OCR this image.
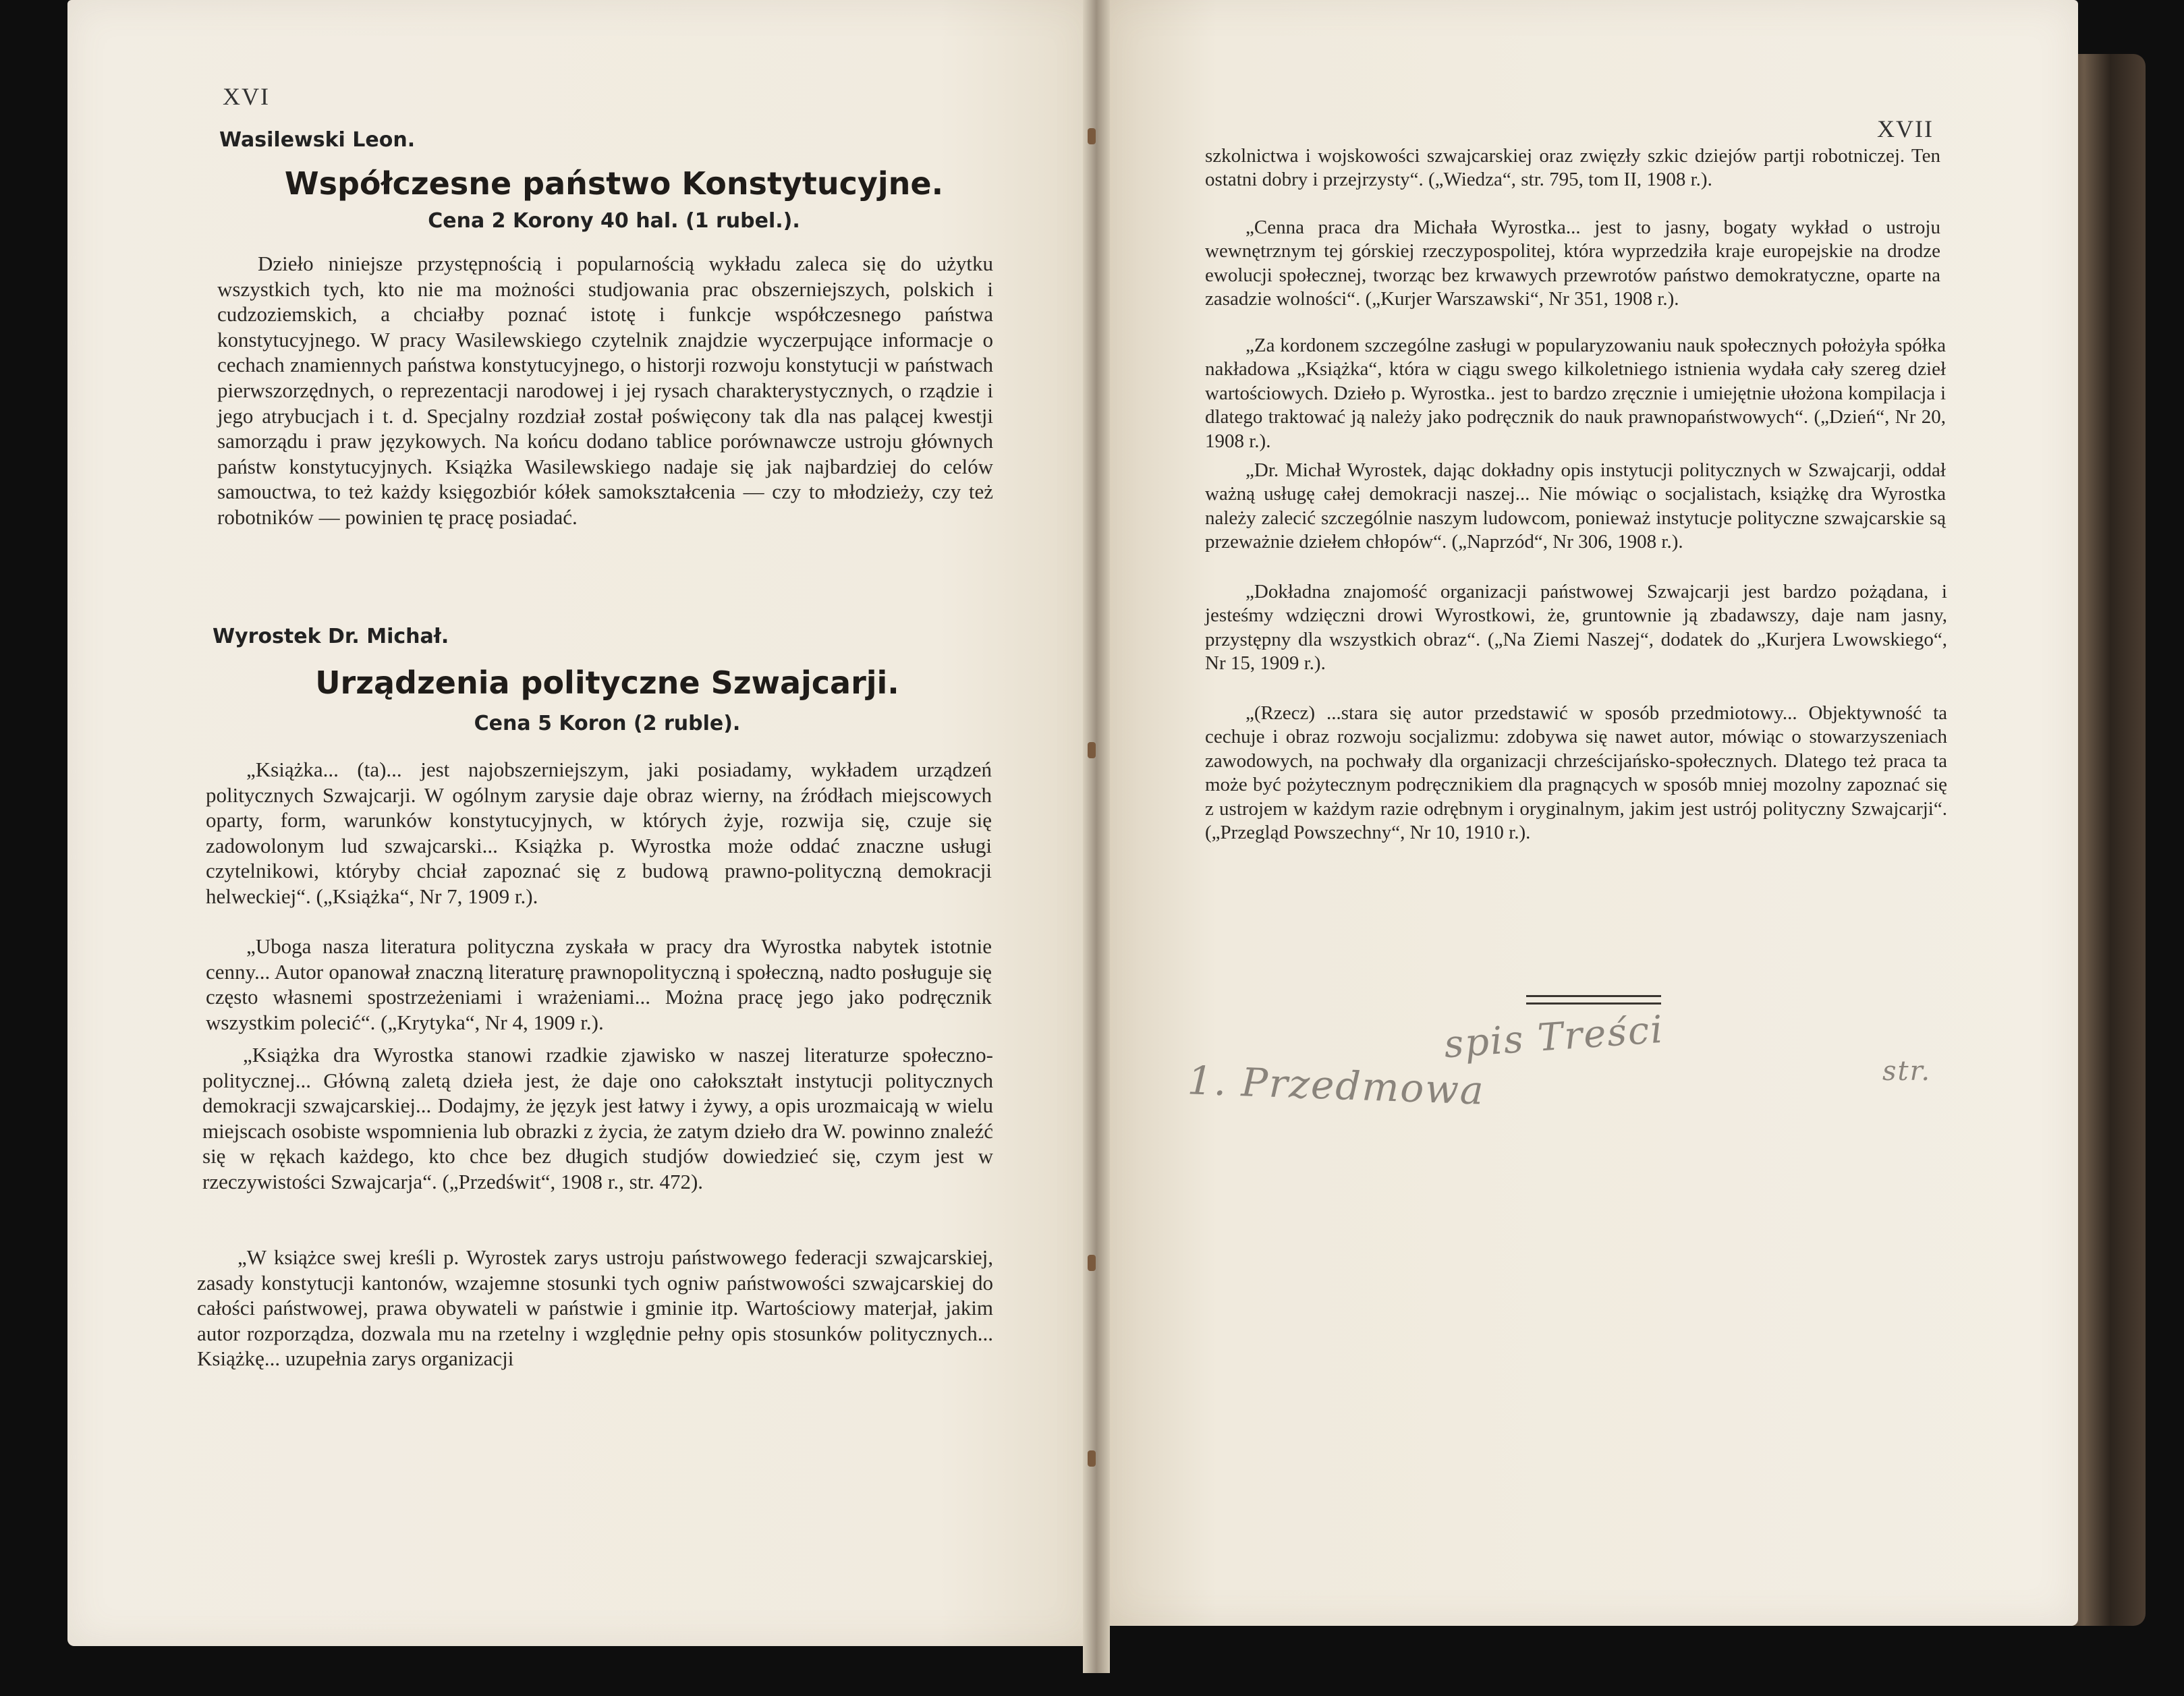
XVI
Wasilewski Leon.
Współczesne państwo Konstytucyjne.
Cena 2 Korony 40 hal. (1 rubel.).
Dzieło niniejsze przystępnością i popularnością wykładu zaleca się do użytku wszystkich tych, kto nie ma możności studjowania prac obszerniejszych, polskich i cudzoziemskich, a chciałby poznać istotę i funkcje współczesnego państwa konstytucyjnego. W pracy Wasilewskiego czytelnik znajdzie wyczerpujące informacje o cechach znamiennych państwa konstytucyjnego, o historji rozwoju konstytucji w państwach pierwszorzędnych, o reprezentacji narodowej i jej rysach charakterystycznych, o rządzie i jego atrybucjach i t. d. Specjalny rozdział został poświęcony tak dla nas palącej kwestji samorządu i praw językowych. Na końcu dodano tablice porównawcze ustroju głównych państw konstytucyjnych. Książka Wasilewskiego nadaje się jak najbardziej do celów samouctwa, to też każdy księgozbiór kółek samokształcenia — czy to młodzieży, czy też robotników — powinien tę pracę posiadać.
Wyrostek Dr. Michał.
Urządzenia polityczne Szwajcarji.
Cena 5 Koron (2 ruble).
„Książka... (ta)... jest najobszerniejszym, jaki posiadamy, wykładem urządzeń politycznych Szwajcarji. W ogólnym zarysie daje obraz wierny, na źródłach miejscowych oparty, form, warunków konstytucyjnych, w których żyje, rozwija się, czuje się zadowolonym lud szwajcarski... Książka p. Wyrostka może oddać znaczne usługi czytelnikowi, któryby chciał zapoznać się z budową prawno-polityczną demokracji helweckiej“. („Książka“, Nr 7, 1909 r.).
„Uboga nasza literatura polityczna zyskała w pracy dra Wyrostka nabytek istotnie cenny... Autor opanował znaczną literaturę prawnopolityczną i społeczną, nadto posługuje się często własnemi spostrzeżeniami i wrażeniami... Można pracę jego jako podręcznik wszystkim polecić“. („Krytyka“, Nr 4, 1909 r.).
„Książka dra Wyrostka stanowi rzadkie zjawisko w naszej literaturze społeczno-politycznej... Główną zaletą dzieła jest, że daje ono całokształt instytucji politycznych demokracji szwajcarskiej... Dodajmy, że język jest łatwy i żywy, a opis urozmaicają w wielu miejscach osobiste wspomnienia lub obrazki z życia, że zatym dzieło dra W. powinno znaleźć się w rękach każdego, kto chce bez długich studjów dowiedzieć się, czym jest w rzeczywistości Szwajcarja“. („Przedświt“, 1908 r., str. 472).
„W książce swej kreśli p. Wyrostek zarys ustroju państwowego federacji szwajcarskiej, zasady konstytucji kantonów, wzajemne stosunki tych ogniw państwowości szwajcarskiej do całości państwowej, prawa obywateli w państwie i gminie itp. Wartościowy materjał, jakim autor rozporządza, dozwala mu na rzetelny i względnie pełny opis stosunków politycznych... Książkę... uzupełnia zarys organizacji
XVII
szkolnictwa i wojskowości szwajcarskiej oraz zwięzły szkic dziejów partji robotniczej. Ten ostatni dobry i przejrzysty“. („Wiedza“, str. 795, tom II, 1908 r.).
„Cenna praca dra Michała Wyrostka... jest to jasny, bogaty wykład o ustroju wewnętrznym tej górskiej rzeczypospolitej, która wyprzedziła kraje europejskie na drodze ewolucji społecznej, tworząc bez krwawych przewrotów państwo demokratyczne, oparte na zasadzie wolności“. („Kurjer Warszawski“, Nr 351, 1908 r.).
„Za kordonem szczególne zasługi w popularyzowaniu nauk społecznych położyła spółka nakładowa „Książka“, która w ciągu swego kilkoletniego istnienia wydała cały szereg dzieł wartościowych. Dzieło p. Wyrostka.. jest to bardzo zręcznie i umiejętnie ułożona kompilacja i dlatego traktować ją należy jako podręcznik do nauk prawnopaństwowych“. („Dzień“, Nr 20, 1908 r.).
„Dr. Michał Wyrostek, dając dokładny opis instytucji politycznych w Szwajcarji, oddał ważną usługę całej demokracji naszej... Nie mówiąc o socjalistach, książkę dra Wyrostka należy zalecić szczególnie naszym ludowcom, ponieważ instytucje polityczne szwajcarskie są przeważnie dziełem chłopów“. („Naprzód“, Nr 306, 1908 r.).
„Dokładna znajomość organizacji państwowej Szwajcarji jest bardzo pożądana, i jesteśmy wdzięczni drowi Wyrostkowi, że, gruntownie ją zbadawszy, daje nam jasny, przystępny dla wszystkich obraz“. („Na Ziemi Naszej“, dodatek do „Kurjera Lwowskiego“, Nr 15, 1909 r.).
„(Rzecz) ...stara się autor przedstawić w sposób przedmiotowy... Objektywność ta cechuje i obraz rozwoju socjalizmu: zdobywa się nawet autor, mówiąc o stowarzyszeniach zawodowych, na pochwały dla organizacji chrześcijańsko-społecznych. Dlatego też praca ta może być pożytecznym podręcznikiem dla pragnących w sposób mniej mozolny zapoznać się z ustrojem w każdym razie odrębnym i oryginalnym, jakim jest ustrój polityczny Szwajcarji“. („Przegląd Powszechny“, Nr 10, 1910 r.).
spis Treści
1. Przedmowa	str.
